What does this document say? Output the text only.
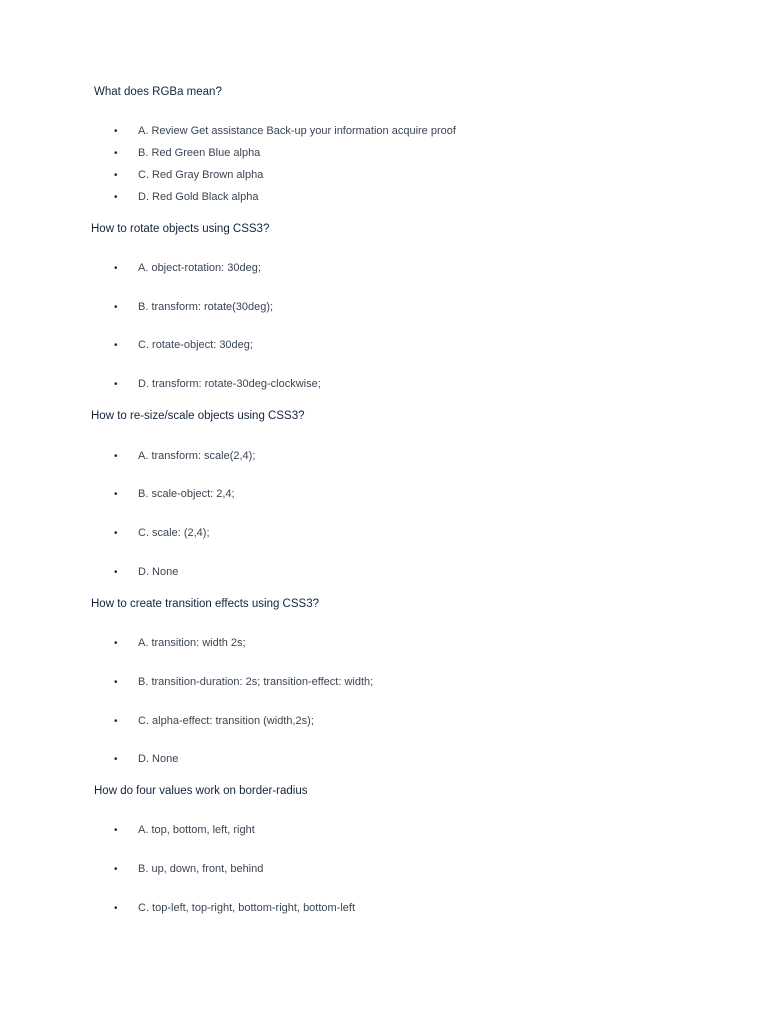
What does RGBa mean?
• A. Review Get assistance Back-up your information acquire proof
• B. Red Green Blue alpha
• C. Red Gray Brown alpha
• D. Red Gold Black alpha
How to rotate objects using CSS3?
• A. object-rotation: 30deg;
• B. transform: rotate(30deg);
• C. rotate-object: 30deg;
• D. transform: rotate-30deg-clockwise;
How to re-size/scale objects using CSS3?
• A. transform: scale(2,4);
• B. scale-object: 2,4;
• C. scale: (2,4);
• D. None
How to create transition effects using CSS3?
• A. transition: width 2s;
• B. transition-duration: 2s; transition-effect: width;
• C. alpha-effect: transition (width,2s);
• D. None
How do four values work on border-radius
• A. top, bottom, left, right
• B. up, down, front, behind
• C. top-left, top-right, bottom-right, bottom-left
